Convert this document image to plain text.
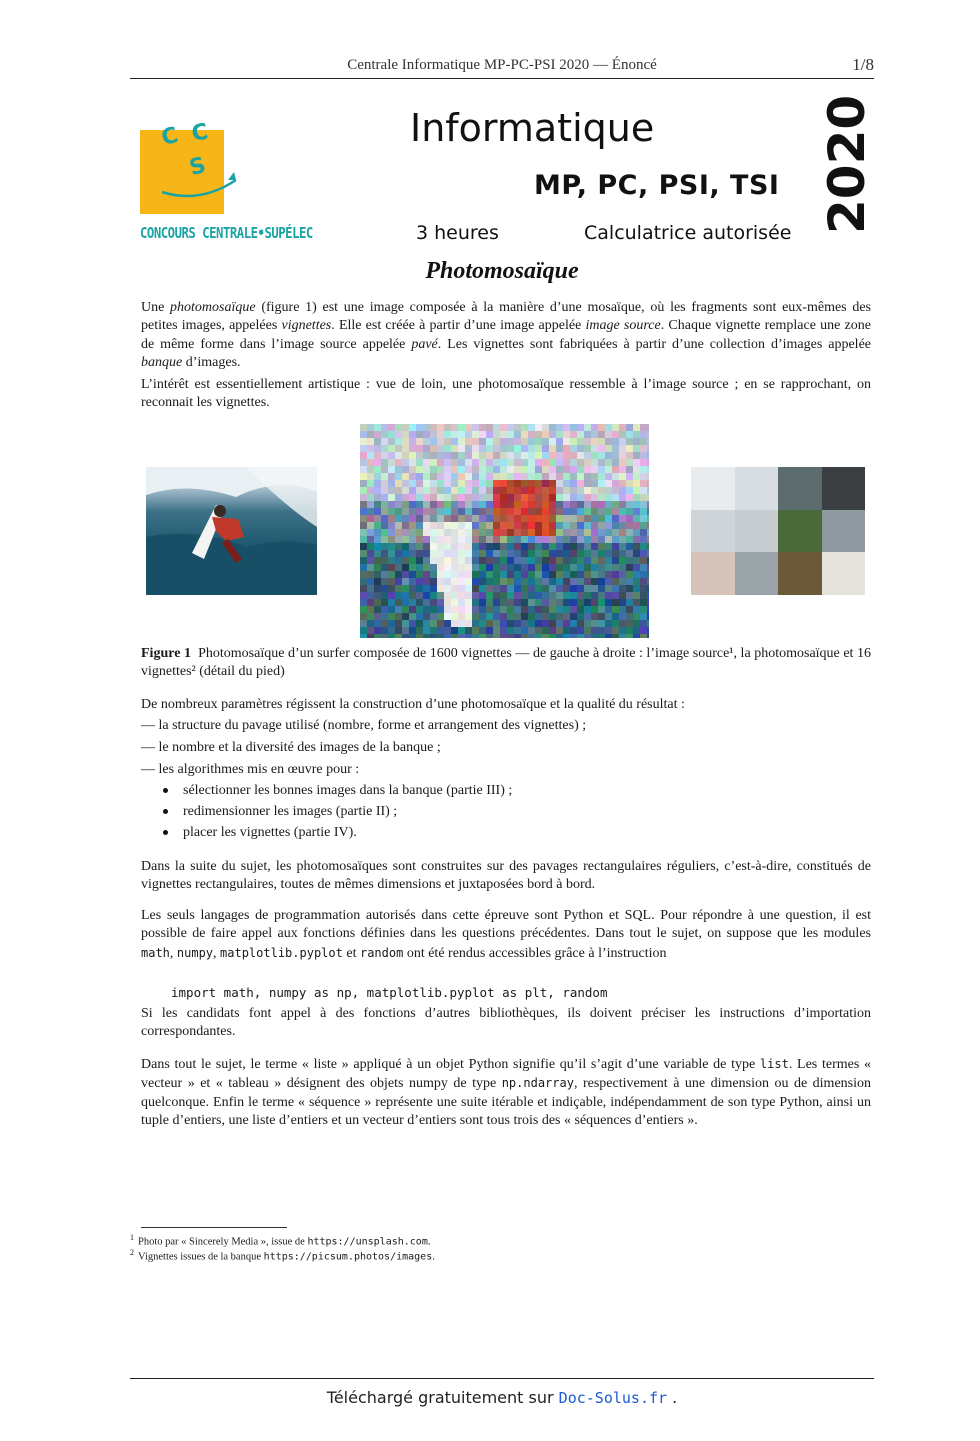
Centrale Informatique MP-PC-PSI 2020 — Énoncé	1/8
C C
S
CONCOURS CENTRALE•SUPÉLEC
Informatique
MP, PC, PSI, TSI
3 heures	Calculatrice autorisée 2020
Photomosaïque
Une photomosaïque (figure 1) est une image composée à la manière d’une mosaïque, où les fragments sont eux-mêmes des petites images, appelées vignettes. Elle est créée à partir d’une image appelée image source. Chaque vignette remplace une zone de même forme dans l’image source appelée pavé. Les vignettes sont fabriquées à partir d’une collection d’images appelée banque d’images.
L’intérêt est essentiellement artistique : vue de loin, une photomosaïque ressemble à l’image source ; en se rapprochant, on reconnait les vignettes.
Figure 1 Photomosaïque d’un surfer composée de 1600 vignettes — de gauche à droite : l’image source¹, la photomosaïque et 16 vignettes² (détail du pied)
De nombreux paramètres régissent la construction d’une photomosaïque et la qualité du résultat :
— la structure du pavage utilisé (nombre, forme et arrangement des vignettes) ;
— le nombre et la diversité des images de la banque ;
— les algorithmes mis en œuvre pour :
sélectionner les bonnes images dans la banque (partie III) ;
redimensionner les images (partie II) ;
placer les vignettes (partie IV).
Dans la suite du sujet, les photomosaïques sont construites sur des pavages rectangulaires réguliers, c’est-à-dire, constitués de vignettes rectangulaires, toutes de mêmes dimensions et juxtaposées bord à bord.
Les seuls langages de programmation autorisés dans cette épreuve sont Python et SQL. Pour répondre à une question, il est possible de faire appel aux fonctions définies dans les questions précédentes. Dans tout le sujet, on suppose que les modules math, numpy, matplotlib.pyplot et random ont été rendus accessibles grâce à l’instruction
import math, numpy as np, matplotlib.pyplot as plt, random
Si les candidats font appel à des fonctions d’autres bibliothèques, ils doivent préciser les instructions d’importation correspondantes.
Dans tout le sujet, le terme « liste » appliqué à un objet Python signifie qu’il s’agit d’une variable de type list. Les termes « vecteur » et « tableau » désignent des objets numpy de type np.ndarray, respectivement à une dimension ou de dimension quelconque. Enfin le terme « séquence » représente une suite itérable et indiçable, indépendamment de son type Python, ainsi un tuple d’entiers, une liste d’entiers et un vecteur d’entiers sont tous trois des « séquences d’entiers ».
$^1$ Photo par « Sincerely Media », issue de https://unsplash.com.
$^2$ Vignettes issues de la banque https://picsum.photos/images.
Téléchargé gratuitement sur Doc-Solus.fr .
